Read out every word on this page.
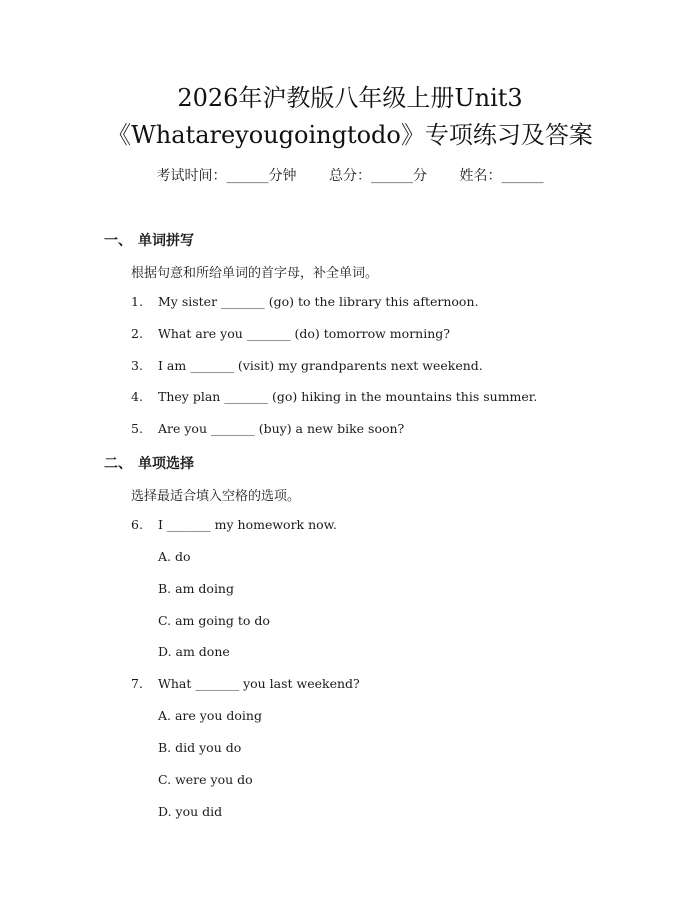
2026年沪教版八年级上册Unit3
《Whatareyougoingtodo》专项练习及答案
考试时间：______分钟 总分：______分 姓名：______
一、 单词拼写
根据句意和所给单词的首字母，补全单词。
1. My sister _______ (go) to the library this afternoon.
2. What are you _______ (do) tomorrow morning?
3. I am _______ (visit) my grandparents next weekend.
4. They plan _______ (go) hiking in the mountains this summer.
5. Are you _______ (buy) a new bike soon?
二、 单项选择
选择最适合填入空格的选项。
6. I _______ my homework now.
A. do
B. am doing
C. am going to do
D. am done
7. What _______ you last weekend?
A. are you doing
B. did you do
C. were you do
D. you did
